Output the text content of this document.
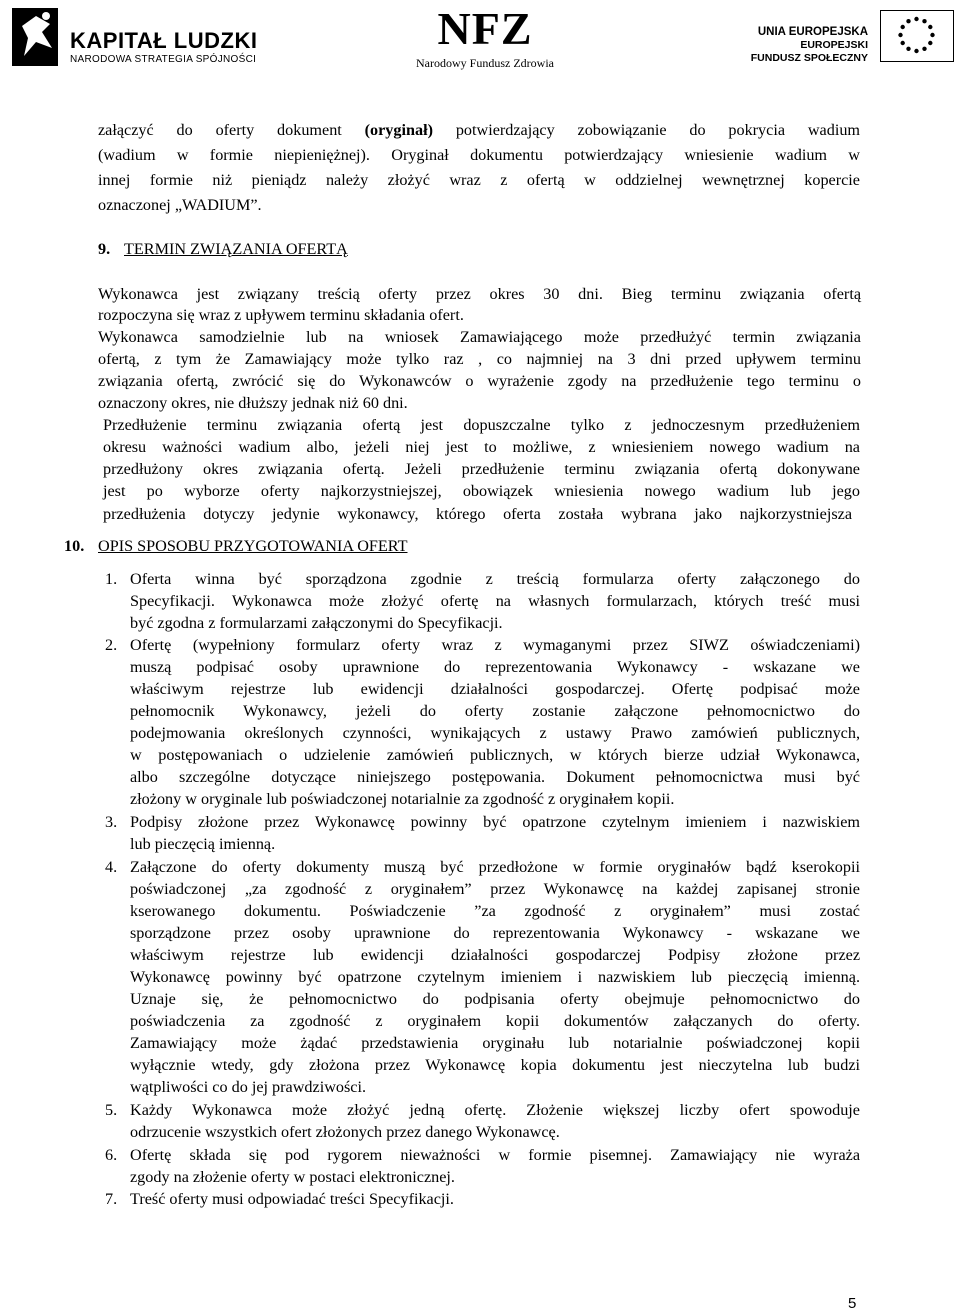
KAPITAŁ LUDZKI
NARODOWA STRATEGIA SPÓJNOŚCI
NFZ
Narodowy Fundusz Zdrowia
UNIA EUROPEJSKA
EUROPEJSKI
FUNDUSZ SPOŁECZNY
załączyć do oferty dokument (oryginał) potwierdzający zobowiązanie do pokrycia wadium
(wadium w formie niepieniężnej). Oryginał dokumentu potwierdzający wniesienie wadium w
innej formie niż pieniądz należy złożyć wraz z ofertą w oddzielnej wewnętrznej kopercie
oznaczonej „WADIUM”.
9. TERMIN ZWIĄZANIA OFERTĄ
Wykonawca jest związany treścią oferty przez okres 30 dni. Bieg terminu związania ofertą
rozpoczyna się wraz z upływem terminu składania ofert.
Wykonawca samodzielnie lub na wniosek Zamawiającego może przedłużyć termin związania
ofertą, z tym że Zamawiający może tylko raz , co najmniej na 3 dni przed upływem terminu
związania ofertą, zwrócić się do Wykonawców o wyrażenie zgody na przedłużenie tego terminu o
oznaczony okres, nie dłuższy jednak niż 60 dni.
Przedłużenie terminu związania ofertą jest dopuszczalne tylko z jednoczesnym przedłużeniem
okresu ważności wadium albo, jeżeli niej jest to możliwe, z wniesieniem nowego wadium na
przedłużony okres związania ofertą. Jeżeli przedłużenie terminu związania ofertą dokonywane
jest po wyborze oferty najkorzystniejszej, obowiązek wniesienia nowego wadium lub jego
przedłużenia dotyczy jedynie wykonawcy, którego oferta została wybrana jako najkorzystniejsza
10. OPIS SPOSOBU PRZYGOTOWANIA OFERT
1. Oferta winna być sporządzona zgodnie z treścią formularza oferty załączonego do
Specyfikacji. Wykonawca może złożyć ofertę na własnych formularzach, których treść musi
być zgodna z formularzami załączonymi do Specyfikacji.
2. Ofertę (wypełniony formularz oferty wraz z wymaganymi przez SIWZ oświadczeniami)
muszą podpisać osoby uprawnione do reprezentowania Wykonawcy - wskazane we
właściwym rejestrze lub ewidencji działalności gospodarczej. Ofertę podpisać może
pełnomocnik Wykonawcy, jeżeli do oferty zostanie załączone pełnomocnictwo do
podejmowania określonych czynności, wynikających z ustawy Prawo zamówień publicznych,
w postępowaniach o udzielenie zamówień publicznych, w których bierze udział Wykonawca,
albo szczególne dotyczące niniejszego postępowania. Dokument pełnomocnictwa musi być
złożony w oryginale lub poświadczonej notarialnie za zgodność z oryginałem kopii.
3. Podpisy złożone przez Wykonawcę powinny być opatrzone czytelnym imieniem i nazwiskiem
lub pieczęcią imienną.
4. Załączone do oferty dokumenty muszą być przedłożone w formie oryginałów bądź kserokopii
poświadczonej „za zgodność z oryginałem” przez Wykonawcę na każdej zapisanej stronie
kserowanego dokumentu. Poświadczenie ”za zgodność z oryginałem” musi zostać
sporządzone przez osoby uprawnione do reprezentowania Wykonawcy - wskazane we
właściwym rejestrze lub ewidencji działalności gospodarczej Podpisy złożone przez
Wykonawcę powinny być opatrzone czytelnym imieniem i nazwiskiem lub pieczęcią imienną.
Uznaje się, że pełnomocnictwo do podpisania oferty obejmuje pełnomocnictwo do
poświadczenia za zgodność z oryginałem kopii dokumentów załączanych do oferty.
Zamawiający może żądać przedstawienia oryginału lub notarialnie poświadczonej kopii
wyłącznie wtedy, gdy złożona przez Wykonawcę kopia dokumentu jest nieczytelna lub budzi
wątpliwości co do jej prawdziwości.
5. Każdy Wykonawca może złożyć jedną ofertę. Złożenie większej liczby ofert spowoduje
odrzucenie wszystkich ofert złożonych przez danego Wykonawcę.
6. Ofertę składa się pod rygorem nieważności w formie pisemnej. Zamawiający nie wyraża
zgody na złożenie oferty w postaci elektronicznej.
7. Treść oferty musi odpowiadać treści Specyfikacji.
5
